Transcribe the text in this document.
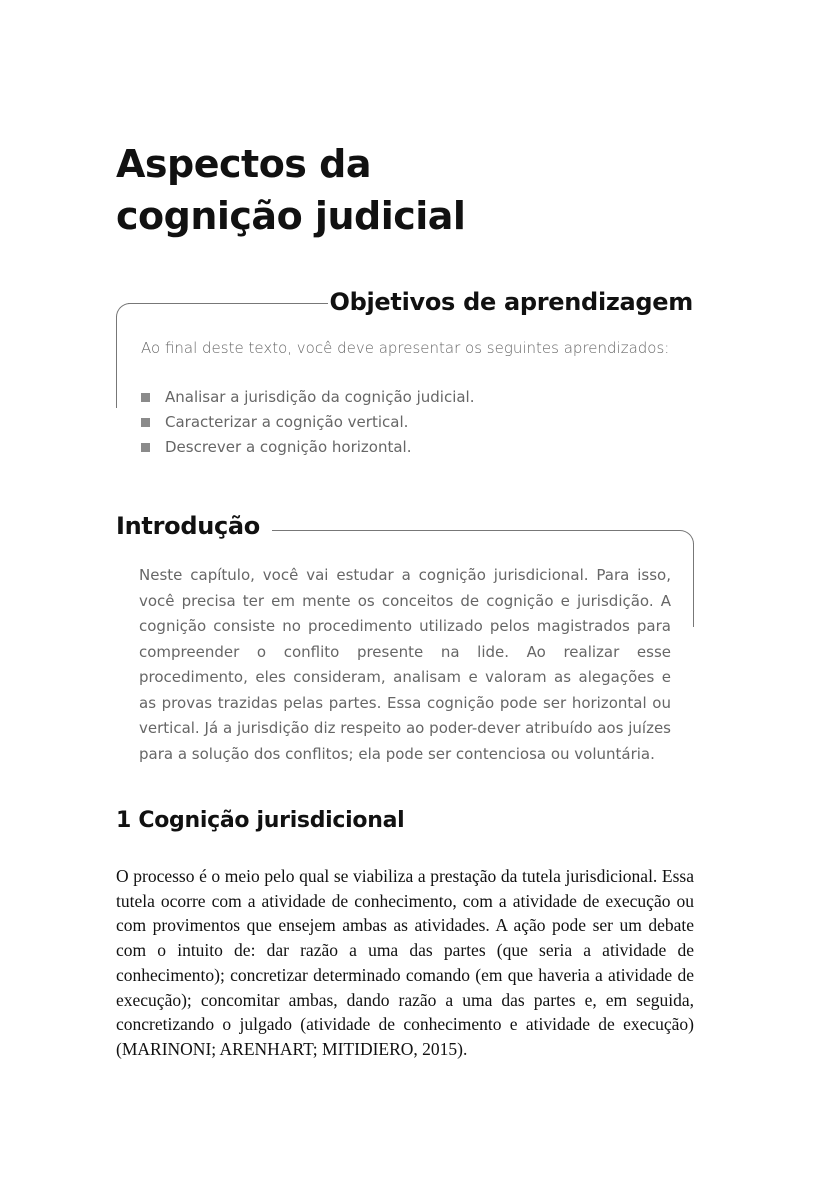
Aspectos da
cognição judicial
Objetivos de aprendizagem
Ao final deste texto, você deve apresentar os seguintes aprendizados:
Analisar a jurisdição da cognição judicial.
Caracterizar a cognição vertical.
Descrever a cognição horizontal.
Introdução
Neste capítulo, você vai estudar a cognição jurisdicional. Para isso, você precisa ter em mente os conceitos de cognição e jurisdição. A cognição consiste no procedimento utilizado pelos magistrados para compreender o conflito presente na lide. Ao realizar esse procedimento, eles consideram, analisam e valoram as alegações e as provas trazidas pelas partes. Essa cognição pode ser horizontal ou vertical. Já a jurisdição diz respeito ao poder-dever atribuído aos juízes para a solução dos conflitos; ela pode ser contenciosa ou voluntária.
1 Cognição jurisdicional
O processo é o meio pelo qual se viabiliza a prestação da tutela jurisdicional. Essa tutela ocorre com a atividade de conhecimento, com a atividade de execução ou com provimentos que ensejem ambas as atividades. A ação pode ser um debate com o intuito de: dar razão a uma das partes (que seria a atividade de conhecimento); concretizar determinado comando (em que haveria a atividade de execução); concomitar ambas, dando razão a uma das partes e, em seguida, concretizando o julgado (atividade de conhecimento e atividade de execução) (MARINONI; ARENHART; MITIDIERO, 2015).
